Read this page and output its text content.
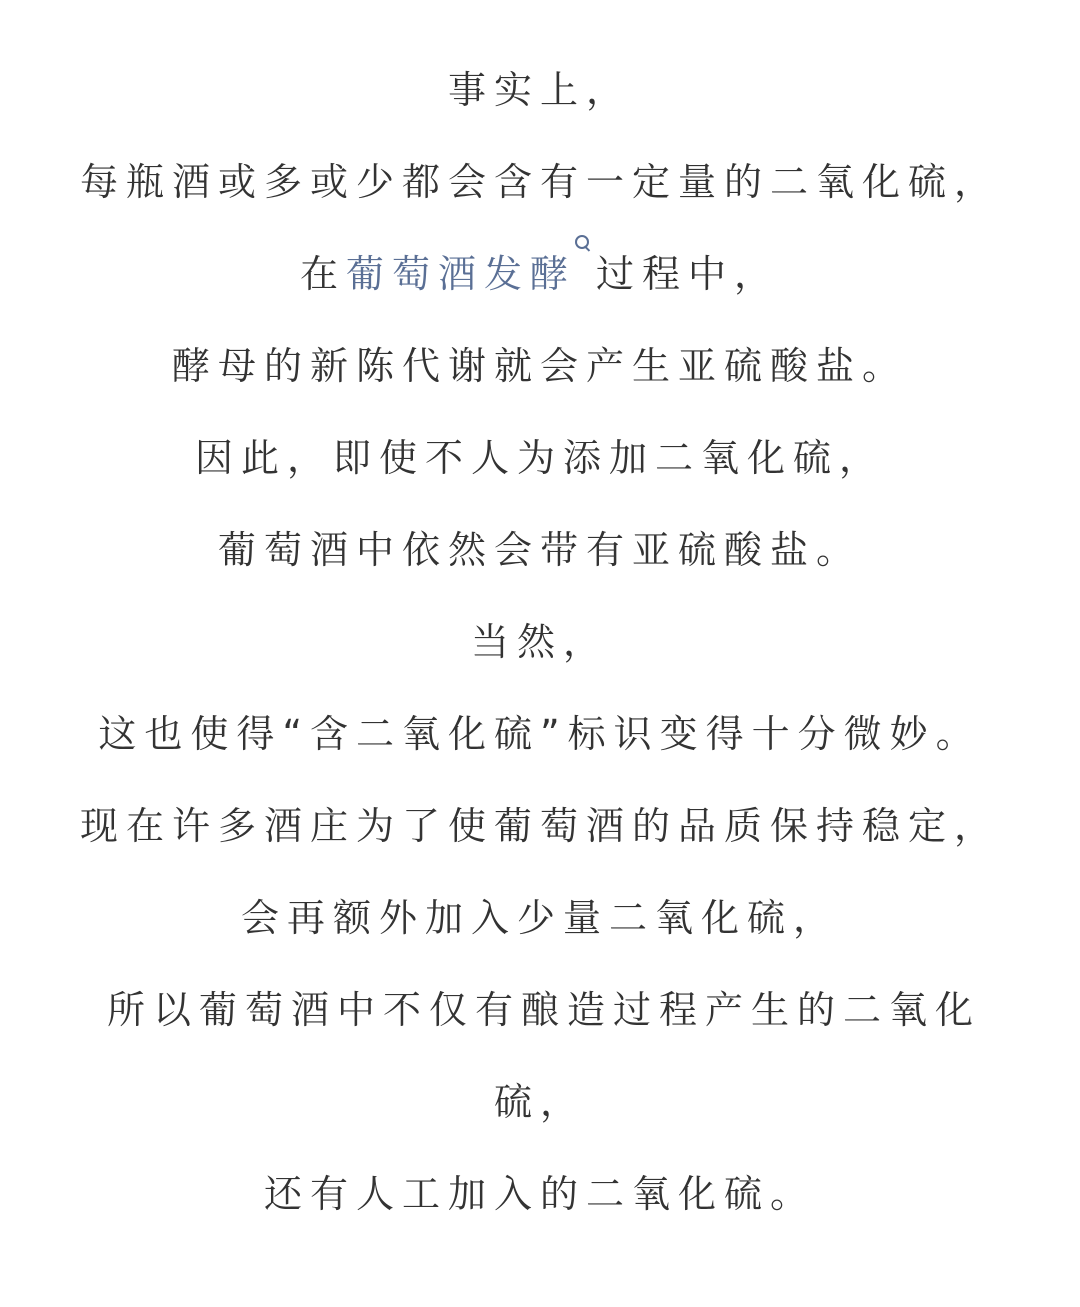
事实上，
每瓶酒或多或少都会含有一定量的二氧化硫，
在葡萄酒发酵 过程中，
酵母的新陈代谢就会产生亚硫酸盐。
因此，即使不人为添加二氧化硫，
葡萄酒中依然会带有亚硫酸盐。
当然，
这也使得“含二氧化硫”标识变得十分微妙。
现在许多酒庄为了使葡萄酒的品质保持稳定，
会再额外加入少量二氧化硫，
所以葡萄酒中不仅有酿造过程产生的二氧化
硫，
还有人工加入的二氧化硫。
